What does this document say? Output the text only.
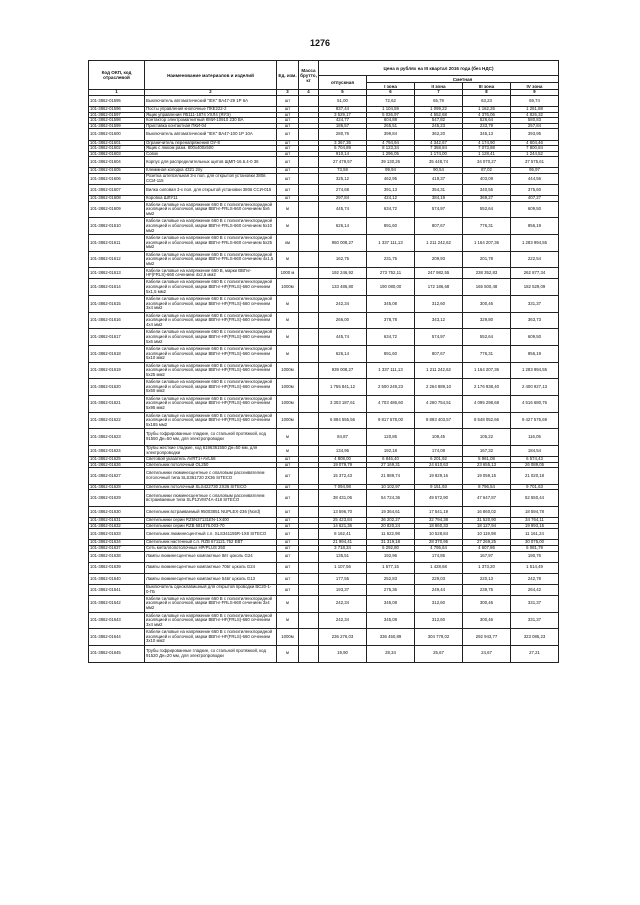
1276
Код ОКП, код отраслевой	Наименование материалов и изделий	Ед. изм.	Масса брутто, кг	Цена в рублях на III квартал 2016 года (без НДС)				
				отпускная	Сметная			
					I зона	II зона	III зона	IV зона
1	2	3	4	5	6	7	8	9
101-3862-01595	Выключатель автоматический "IEK" ВА47-29 1Р 6А	шт		51,00	72,62	65,79	63,23	69,74
101-3862-01596	Посты управления кнопочные ПКЕ222-2	шт		837,44	1 104,59	1 099,22	1 162,26	1 261,88
101-3862-01597	Ящик управления Я5111-1874 УХЛ4 (ЯУЭ)	шт		3 529,17	5 026,97	4 552,68	4 376,06	4 826,32
101-3862-01598	Контактор электромагнитный КМИ-10910 230 ВА	шт		424,77	604,88	547,82	526,64	580,83
101-3862-01599	Приставка контактная ПКИ-04	шт		186,57	265,51	245,23	233,79	257,84
101-3862-01600	Выключатель автоматический "IEK" ВА47-100 1Р 10А	шт		280,76	399,84	362,20	345,13	393,95
101-3862-01601	Ограничитель перенапряжений ОУ-8	шт		3 367,35	4 794,94	4 342,67	4 174,90	4 604,46
101-3862-01602	Ящик с люком разм. 800х400х500	шт		5 704,89	8 123,34	7 358,84	7 073,88	7 800,84
101-3862-01603	Совок	шт		910,14	1 296,05	1 174,00	1 128,41	1 244,52
101-3862-01604	Корпус для распределительных щитов ЩМП-16.6.4-0 36	шт		27 479,57	39 130,26	35 448,74	34 070,27	37 575,61
101-3862-01605	Клеммная колодка 4321 2пу	шт		73,59	99,94	90,54	87,02	95,97
101-3862-01606	Розетка штепсельная 3-х пол. для открытой установки 380в ССИ-115	шт		325,12	462,95	419,37	403,09	444,56
101-3862-01607	Вилка силовая 3-х пол. для открытой установки 380в ССИ-015	шт		274,68	391,13	354,31	340,55	375,60
101-3862-01608	Коробка ШЛУ11	шт		297,84	424,12	384,19	369,27	407,27
101-3862-01609	Кабели силовые на напряжение 660 В с полиэтиленхлоридной изоляцией и оболочкой, марки ВВГнг-FRLS-660 сечением 5х6 мм2	м		445,74	634,72	574,97	552,64	609,50
101-3862-01610	Кабели силовые на напряжение 660 В с полиэтиленхлоридной изоляцией и оболочкой, марки ВВГнг-FRLS-660 сечением 5х10 мм2	м		626,14	891,60	807,67	776,31	856,19
101-3862-01611	Кабели силовые на напряжение 660 В с полиэтиленхлоридной изоляцией и оболочкой, марки ВВГнг-FRLS-660 сечением 5х25 мм2	км		950 008,27	1 337 111,13	1 211 242,62	1 164 207,36	1 283 994,55
101-3862-01612	Кабели силовые на напряжение 660 В с полиэтиленхлоридной изоляцией и оболочкой, марки ВВГнг-FRLS-660 сечением 4х1,5 мм2	м		162,75	231,75	209,93	201,78	222,54
101-3862-01613	Кабели силовые на напряжение 660 В, марки ВВГнг-HF(FRLS)-660 сечением 4х2,5 мм2	1000 м		192 246,92	273 752,11	247 982,55	238 352,83	262 877,34
101-3862-01614	Кабели силовые на напряжение 660 В с полиэтиленхлоридной изоляцией и оболочкой, марки ВВГнг-HF(FRLS)-660 сечением 5х1,5 мм2	1000м		133 486,80	190 080,00	172 186,68	165 500,48	182 529,09
101-3862-01615	Кабели силовые на напряжение 660 В с полиэтиленхлоридной изоляцией и оболочкой, марки ВВГнг-HF(FRLS)-660 сечением 3х4 мм2	м		242,34	345,08	312,60	300,46	331,37
101-3862-01616	Кабели силовые на напряжение 660 В с полиэтиленхлоридной изоляцией и оболочкой, марки ВВГнг-HF(FRLS)-660 сечением 4х4 мм2	м		266,00	378,78	343,12	329,80	363,73
101-3862-01617	Кабели силовые на напряжение 660 В с полиэтиленхлоридной изоляцией и оболочкой, марки ВВГнг-HF(FRLS)-660 сечением 5х6 мм2	м		445,74	634,72	574,97	552,64	609,50
101-3862-01618	Кабели силовые на напряжение 660 В с полиэтиленхлоридной изоляцией и оболочкой, марки ВВГнг-HF(FRLS)-660 сечением 5х10 мм2	м		626,14	891,60	807,67	776,31	856,19
101-3862-01619	Кабели силовые на напряжение 660 В с полиэтиленхлоридной изоляцией и оболочкой, марки ВВГнг-HF(FRLS)-660 сечением 5х25 мм2	1000м		939 008,27	1 337 111,13	1 211 242,62	1 164 207,36	1 283 994,55
101-3862-01620	Кабели силовые на напряжение 660 В с полиэтиленхлоридной изоляцией и оболочкой, марки ВВГнг-HF(FRLS)-660 сечением 5х50 мм2	1000м		1 755 841,12	2 500 249,23	2 264 889,10	2 176 938,40	2 400 927,13
101-3862-01621	Кабели силовые на напряжение 660 В с полиэтиленхлоридной изоляцией и оболочкой, марки ВВГнг-HF(FRLS)-660 сечением 5х95 мм2	1000м		3 303 187,61	4 703 486,60	4 260 754,51	4 095 298,68	4 516 680,76
101-3862-01622	Кабели силовые на напряжение 660 В с полиэтиленхлоридной изоляцией и оболочкой, марки ВВГнг-HF(FRLS)-660 сечением 5х185 мм2	1000м		6 894 555,56	9 817 578,00	8 893 403,57	8 548 052,66	9 427 575,69
101-3862-01623	Трубы гофрированные гладкие, со стальной протяжкой, код 91550 Дн=50 мм, для электропроводки	м		84,87	120,85	109,45	105,22	116,05
101-3862-01624	Трубы жесткие гладкие, код 6196361550 Дн=50 мм, для электропроводки	м		134,96	192,18	174,08	167,32	184,54
101-3862-01625	Световой указатель AVRT1+AVL58	шт		4 808,00	6 846,40	6 201,92	5 961,08	6 574,43
101-3862-01626	Светильник потолочный OL250	шт		19 079,79	27 169,31	24 610,63	23 655,13	26 089,05
101-3862-01627	Светильники люминесцентные с опаловым рассеивателем потолочный типа SLS361720 2Х36 SITECO	шт		15 372,43	21 889,74	19 829,16	19 059,15	21 020,18
101-3862-01628	Светильник потолочный SLS422730 2Х36 SITECO	шт		7 094,98	10 102,97	9 151,93	8 796,54	9 701,63
101-3862-01629	Светильники люминесцентные с опаловым рассеивателем встраиваемые типа SLP12VM74A-418 SITECO	шт		38 431,06	54 724,36	49 572,90	47 647,87	52 550,44
101-3862-01630	Светильник встраиваемый 95003851 NUPLEX-236 (Nord)	шт		13 596,70	19 364,61	17 541,19	16 860,02	18 594,78
101-3862-01631	Светильники серии RZ5N37131EN-1X400	шт		25 423,84	36 202,27	32 794,38	31 520,90	34 764,11
101-3862-01632	Светильники серии RZB 581076.003-70	шт		14 621,36	20 820,24	18 860,33	18 127,94	19 993,15
101-3862-01633	Светильник люминесцентный с.п. SLS341155R-1Х8 SITECO	шт		8 162,41	11 622,98	10 528,84	10 119,98	11 161,24
101-3862-01634	Светильник настенный с.п. RZB 671121.752 EBT	шт		21 994,41	31 319,18	28 370,95	27 269,25	30 075,00
101-3862-01637	Сеть металлопотолочных HP/PLUS 250	шт		3 718,34	5 292,80	4 795,64	4 607,86	5 081,79
101-3862-01638	Лампы люминесцентные компактные 8вт цоколь G24	шт		135,51	192,96	174,85	167,97	190,76
101-3862-01639	Лампы люминесцентные компактные 70вт цоколь G24	шт		1 107,56	1 577,15	1 428,68	1 373,20	1 514,49
101-3862-01640	Лампы люминесцентные компактные 54вт цоколь G13	шт		177,55	252,83	229,03	220,13	242,78
101-3862-01641	Выключатель одноклавишный для открытой проводки ВС20-1-0-ГБ	шт		193,37	275,36	249,44	239,75	264,42
101-3862-01642	Кабели силовые на напряжение 660 В с полиэтиленхлоридной изоляцией и оболочкой, марки ВВГнг-FRLS-660 сечением 3х4 мм2	м		242,34	345,08	312,60	300,46	331,37
101-3862-01643	Кабели силовые на напряжение 660 В с полиэтиленхлоридной изоляцией и оболочкой, марки ВВГнг-HF(FRLS)-660 сечением 3х4 мм2	м		242,34	345,08	312,60	300,46	331,37
101-3862-01644	Кабели силовые на напряжение 660 В с полиэтиленхлоридной изоляцией и оболочкой, марки ВВГнг-HF(FRLS)-660 сечением 3х10 мм2	1000м		236 276,03	336 450,89	304 779,02	292 943,77	323 085,23
101-3862-01645	Трубы гофрированные гладкие, со стальной протяжкой, код 91520 Дн=20 мм, для электропроводки	м		19,90	28,34	25,67	24,67	27,21
